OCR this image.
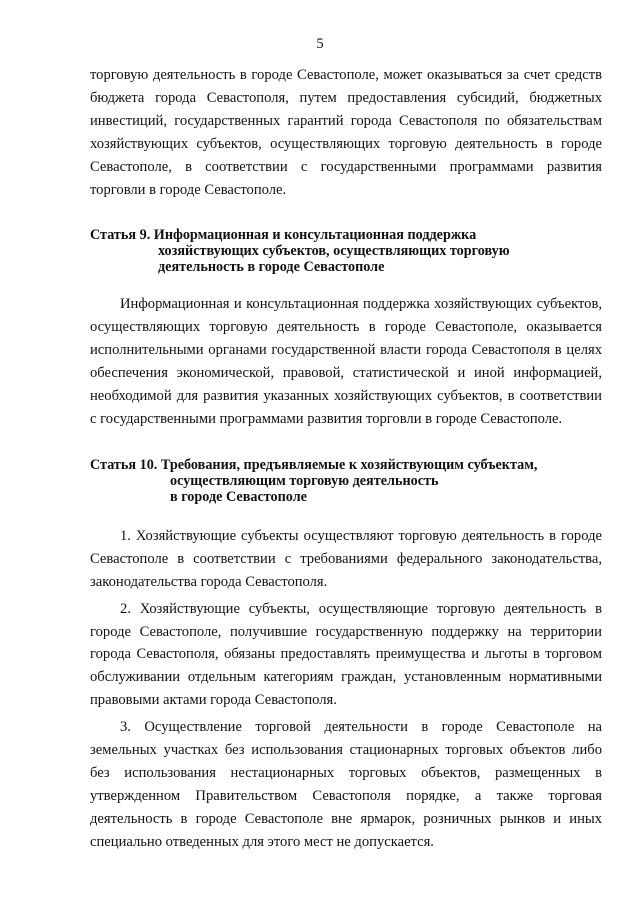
5

торговую деятельность в городе Севастополе, может оказываться за счет средств бюджета города Севастополя, путем предоставления субсидий, бюджетных инвестиций, государственных гарантий города Севастополя по обязательствам хозяйствующих субъектов, осуществляющих торговую деятельность в городе Севастополе, в соответствии с государственными программами развития торговли в городе Севастополе.

Статья 9. Информационная и консультационная поддержка
хозяйствующих субъектов, осуществляющих торговую
деятельность в городе Севастополе

Информационная и консультационная поддержка хозяйствующих субъектов, осуществляющих торговую деятельность в городе Севастополе, оказывается исполнительными органами государственной власти города Севастополя в целях обеспечения экономической, правовой, статистической и иной информацией, необходимой для развития указанных хозяйствующих субъектов, в соответствии с государственными программами развития торговли в городе Севастополе.

Статья 10. Требования, предъявляемые к хозяйствующим субъектам,
осуществляющим торговую деятельность
в городе Севастополе

1. Хозяйствующие субъекты осуществляют торговую деятельность в городе Севастополе в соответствии с требованиями федерального законодательства, законодательства города Севастополя.

2. Хозяйствующие субъекты, осуществляющие торговую деятельность в городе Севастополе, получившие государственную поддержку на территории города Севастополя, обязаны предоставлять преимущества и льготы в торговом обслуживании отдельным категориям граждан, установленным нормативными правовыми актами города Севастополя.

3. Осуществление торговой деятельности в городе Севастополе на земельных участках без использования стационарных торговых объектов либо без использования нестационарных торговых объектов, размещенных в утвержденном Правительством Севастополя порядке, а также торговая деятельность в городе Севастополе вне ярмарок, розничных рынков и иных специально отведенных для этого мест не допускается.
